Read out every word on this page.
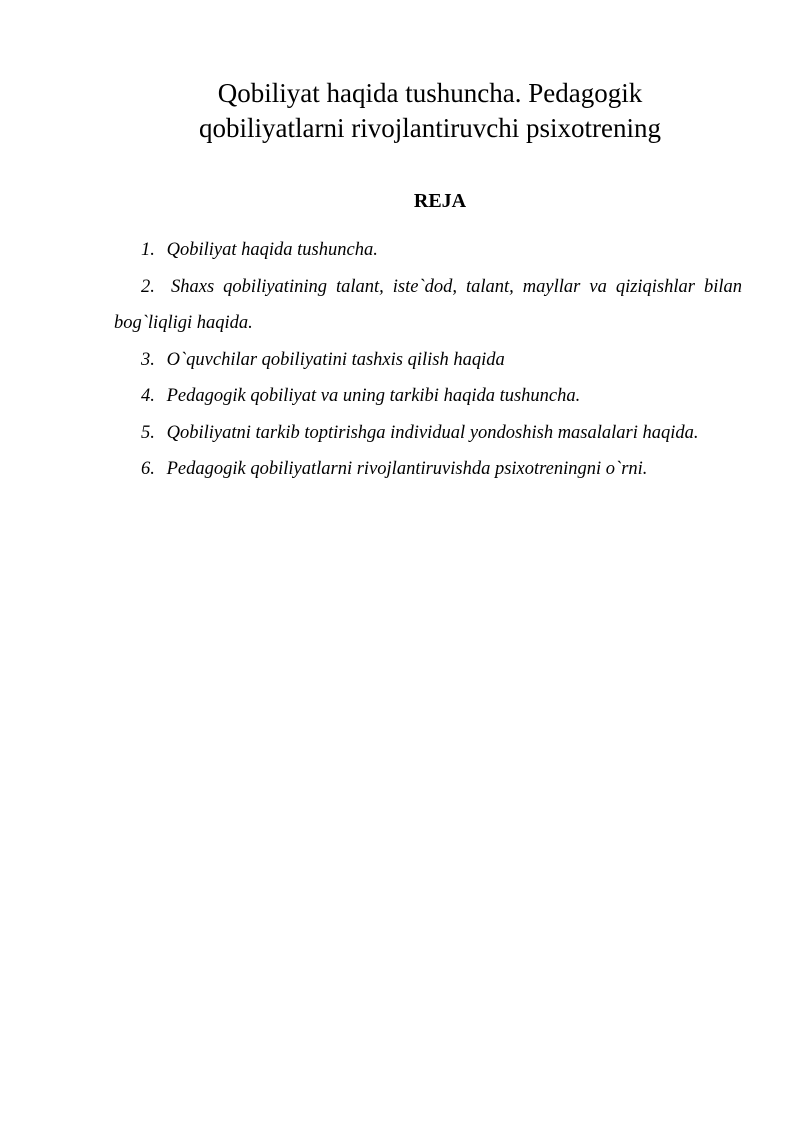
Qobiliyat haqida tushuncha. Pedagogik
qobiliyatlarni rivojlantiruvchi psixotrening
REJA
1. Qobiliyat haqida tushuncha.
2. Shaxs qobiliyatining talant, iste`dod, talant, mayllar va qiziqishlar bilan bog`liqligi haqida.
3. O`quvchilar qobiliyatini tashxis qilish haqida
4. Pedagogik qobiliyat va uning tarkibi haqida tushuncha.
5. Qobiliyatni tarkib toptirishga individual yondoshish masalalari haqida.
6. Pedagogik qobiliyatlarni rivojlantiruvishda psixotreningni o`rni.
